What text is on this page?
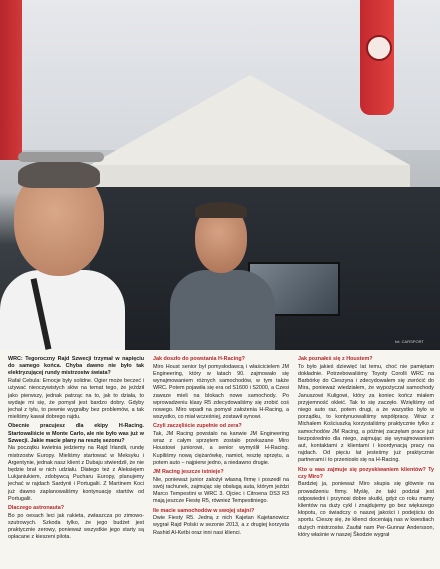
fot. CARSPORT

WRC: Tegoroczny Rajd Szwecji trzymał w napięciu do samego końca. Chyba dawno nie było tak elektryzującej rundy mistrzostw świata?
Rafał Cebula: Emocje były solidne. Ogier może beczeć i używać nieoczywistych słów na temat tego, że jeździł jako pierwszy, jednak patrząc na to, jak to działa, to wydaje mi się, że pomysł jest bardzo dobry. Gdyby jechał z tyłu, to pewnie wygrałby bez problemów, a tak mieliśmy kawał dobrego rajdu.

Obecnie pracujesz dla ekipy H-Racing. Startowaliście w Monte Carlo, ale nie było was już w Szwecji. Jakie macie plany na resztę sezonu?
Na początku kwietnia jedziemy na Rajd Irlandii, rundę mistrzostw Europy. Mieliśmy startować w Meksyku i Argentynie, jednak nasz klient z Dubaju stwierdził, że nie będzie brał w nich udziału. Dlatego też z Aleksiejem Lukjaniukiem, zdobywcą Pucharu Europy, planujemy jechać w rajdach Sardynii i Portugalii. Z Martinem Koci już dawno zaplanowaliśmy kontynuację startów od Portugalii.

Dlaczego astronauta?
Bo po oesach leci jak rakieta, zwłaszcza po zimowo-szutrowych. Szkoda tylko, że jego budżet jest praktycznie zerowy, ponieważ wszystkie jego starty są opłacane z kieszeni pilota.

Jak doszło do powstania H-Racing?
Miro Houst senior był pomysłodawcą i właścicielem JM Engineering, który w latach 90. zajmowało się wynajmowaniem różnych samochodów, w tym także WRC. Potem pojawiła się era od S1600 i S2000, a Czesi zawsze mieli na blokach nowe samochody. Po wprowadzeniu klasy R5 zdecydowaliśmy się zrobić coś nowego. Miro wpadł na pomysł założenia H-Racing, a wszystko, co miał wcześniej, zostawił synowi.

Czyli zaczęliście zupełnie od zera?
Tak, JM Racing powstało na kanwie JM Engineering wraz z całym sprzętem zostało przekazane Miro Houstowi juniorowi, a senior wymyślił H-Racing. Kupiliśmy nową ciężarówkę, namiot, resztę sprzętu, a potem auto – najpierw jedno, a niedawno drugie.

JM Racing jeszcze istnieje?
Nie, ponieważ junior założył własną firmę i poszedł na swój rachunek, zajmując się obsługą auta, którym jeździ Marco Tempestini w WRC 3. Ojciec i Citroena DS3 R3 mają jeszcze Fiestę R5, również Tempestiniego.

Ile macie samochodów w swojej stajni?
Dwie Fiesty R5. Jedną z nich Kajetan Kajetanowicz wygrał Rajd Polski w sezonie 2013, a z drugiej korzysta Rashid Al-Ketbi oraz inni nasi klienci.

Jak poznałeś się z Houstem?
To było jakieś dziewięć lat temu, choć nie pamiętam dokładnie. Potrzebowaliśmy Toyoty Corolli WRC na Barbórkę do Cieszyna i zdecydowałem się zwrócić do Mira, ponieważ wiedziałem, że wypożyczał samochody Januszowi Kuligowi, który za koniec kończ miałem przyjemność okleić. Tak to się zaczęło. Wzięliśmy od niego auto raz, potem drugi, a że wszystko było w porządku, to kontynuowaliśmy współpracę. Wraz z Michałem Kościuszką korzystaliśmy praktycznie tylko z samochodów JM Racing, a później zaczęłam prace już bezpośrednio dla niego, zajmując się wynajmowaniem aut, kontaktami z klientami i koordynacją pracy na rajdach. Od pięciu lat jesteśmy już praktycznie partnerami i to przeniosło się na H-Racing.

Kto u was zajmuje się pozyskiwaniem klientów? Ty czy Miro?
Bardziej ja, ponieważ Miro skupia się głównie na prowadzeniu firmy. Myślę, że taki podział jest odpowiedni i przynosi dobre skutki, gdyż co roku mamy klientów na duży cykl i znajdujemy go bez większego kłopotu, co świadczy o naszej jakości i podejściu do sportu. Cieszę się, że klienci doceniają nas w kwestiach dużych mistrzostw. Zaufał nam Per-Gunnar Andersson, który właśnie w naszej Škodzie wygrał
